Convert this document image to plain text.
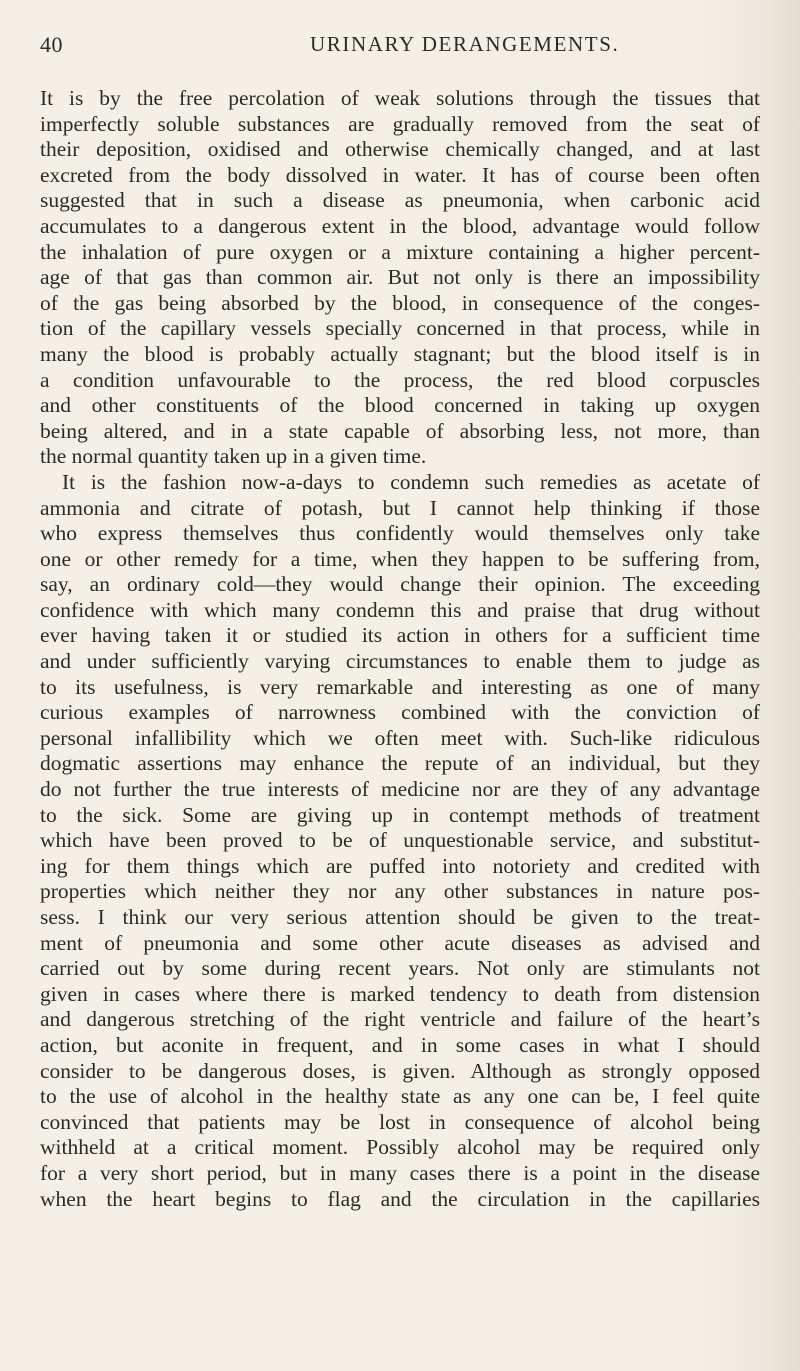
40	URINARY DERANGEMENTS.
It is by the free percolation of weak solutions through the tissues that
imperfectly soluble substances are gradually removed from the seat of
their deposition, oxidised and otherwise chemically changed, and at last
excreted from the body dissolved in water. It has of course been often
suggested that in such a disease as pneumonia, when carbonic acid
accumulates to a dangerous extent in the blood, advantage would follow
the inhalation of pure oxygen or a mixture containing a higher percent-
age of that gas than common air. But not only is there an impossibility
of the gas being absorbed by the blood, in consequence of the conges-
tion of the capillary vessels specially concerned in that process, while in
many the blood is probably actually stagnant; but the blood itself is in
a condition unfavourable to the process, the red blood corpuscles
and other constituents of the blood concerned in taking up oxygen
being altered, and in a state capable of absorbing less, not more, than
the normal quantity taken up in a given time.
It is the fashion now-a-days to condemn such remedies as acetate of
ammonia and citrate of potash, but I cannot help thinking if those
who express themselves thus confidently would themselves only take
one or other remedy for a time, when they happen to be suffering from,
say, an ordinary cold—they would change their opinion. The exceeding
confidence with which many condemn this and praise that drug without
ever having taken it or studied its action in others for a sufficient time
and under sufficiently varying circumstances to enable them to judge as
to its usefulness, is very remarkable and interesting as one of many
curious examples of narrowness combined with the conviction of
personal infallibility which we often meet with. Such-like ridiculous
dogmatic assertions may enhance the repute of an individual, but they
do not further the true interests of medicine nor are they of any advantage
to the sick. Some are giving up in contempt methods of treatment
which have been proved to be of unquestionable service, and substitut-
ing for them things which are puffed into notoriety and credited with
properties which neither they nor any other substances in nature pos-
sess. I think our very serious attention should be given to the treat-
ment of pneumonia and some other acute diseases as advised and
carried out by some during recent years. Not only are stimulants not
given in cases where there is marked tendency to death from distension
and dangerous stretching of the right ventricle and failure of the heart’s
action, but aconite in frequent, and in some cases in what I should
consider to be dangerous doses, is given. Although as strongly opposed
to the use of alcohol in the healthy state as any one can be, I feel quite
convinced that patients may be lost in consequence of alcohol being
withheld at a critical moment. Possibly alcohol may be required only
for a very short period, but in many cases there is a point in the disease
when the heart begins to flag and the circulation in the capillaries
